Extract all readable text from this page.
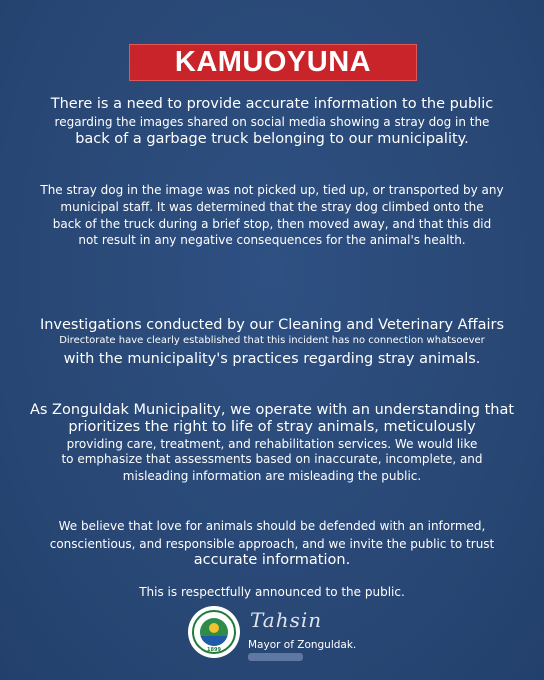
KAMUOYUNA
There is a need to provide accurate information to the public
regarding the images shared on social media showing a stray dog in the
back of a garbage truck belonging to our municipality.
The stray dog in the image was not picked up, tied up, or transported by any
municipal staff. It was determined that the stray dog climbed onto the
back of the truck during a brief stop, then moved away, and that this did
not result in any negative consequences for the animal's health.
Investigations conducted by our Cleaning and Veterinary Affairs
Directorate have clearly established that this incident has no connection whatsoever
with the municipality's practices regarding stray animals.
As Zonguldak Municipality, we operate with an understanding that
prioritizes the right to life of stray animals, meticulously
providing care, treatment, and rehabilitation services. We would like
to emphasize that assessments based on inaccurate, incomplete, and
misleading information are misleading the public.
We believe that love for animals should be defended with an informed,
conscientious, and responsible approach, and we invite the public to trust
accurate information.
This is respectfully announced to the public.
1899
Tahsin
Mayor of Zonguldak.
